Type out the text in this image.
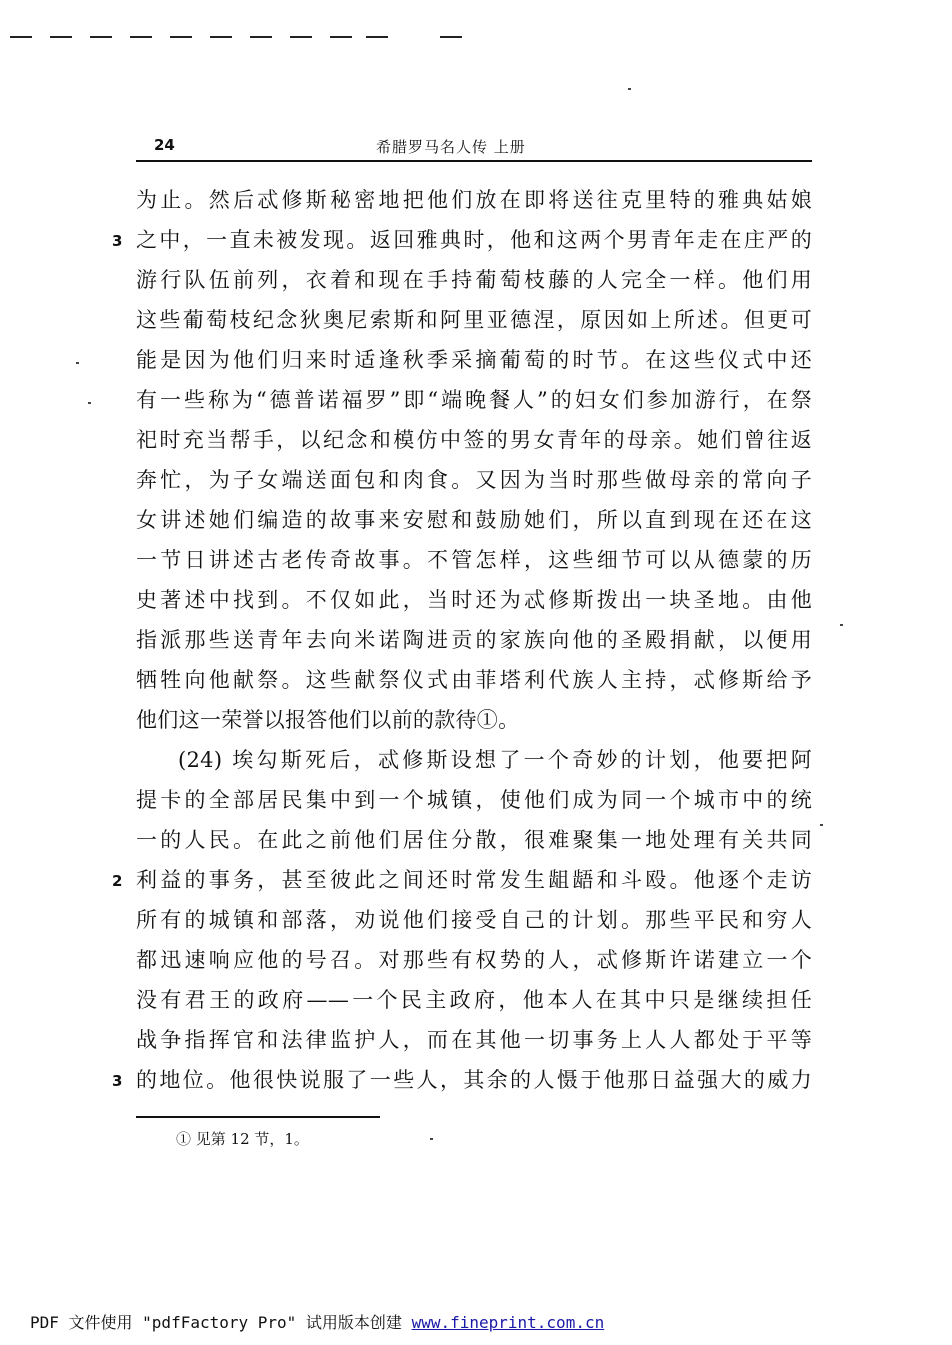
24	希腊罗马名人传 上册
3
2
3
为止。然后忒修斯秘密地把他们放在即将送往克里特的雅典姑娘
之中，一直未被发现。返回雅典时，他和这两个男青年走在庄严的
游行队伍前列，衣着和现在手持葡萄枝藤的人完全一样。他们用
这些葡萄枝纪念狄奥尼索斯和阿里亚德涅，原因如上所述。但更可
能是因为他们归来时适逢秋季采摘葡萄的时节。在这些仪式中还
有一些称为“德普诺福罗”即“端晚餐人”的妇女们参加游行，在祭
祀时充当帮手，以纪念和模仿中签的男女青年的母亲。她们曾往返
奔忙，为子女端送面包和肉食。又因为当时那些做母亲的常向子
女讲述她们编造的故事来安慰和鼓励她们，所以直到现在还在这
一节日讲述古老传奇故事。不管怎样，这些细节可以从德蒙的历
史著述中找到。不仅如此，当时还为忒修斯拨出一块圣地。由他
指派那些送青年去向米诺陶进贡的家族向他的圣殿捐献，以便用
牺牲向他献祭。这些献祭仪式由菲塔利代族人主持，忒修斯给予
他们这一荣誉以报答他们以前的款待①。
(24) 埃勾斯死后，忒修斯设想了一个奇妙的计划，他要把阿
提卡的全部居民集中到一个城镇，使他们成为同一个城市中的统
一的人民。在此之前他们居住分散，很难聚集一地处理有关共同
利益的事务，甚至彼此之间还时常发生龃龉和斗殴。他逐个走访
所有的城镇和部落，劝说他们接受自己的计划。那些平民和穷人
都迅速响应他的号召。对那些有权势的人，忒修斯许诺建立一个
没有君王的政府——一个民主政府，他本人在其中只是继续担任
战争指挥官和法律监护人，而在其他一切事务上人人都处于平等
的地位。他很快说服了一些人，其余的人慑于他那日益强大的威力
① 见第 12 节，1。
PDF 文件使用 "pdfFactory Pro" 试用版本创建 www.fineprint.com.cn
